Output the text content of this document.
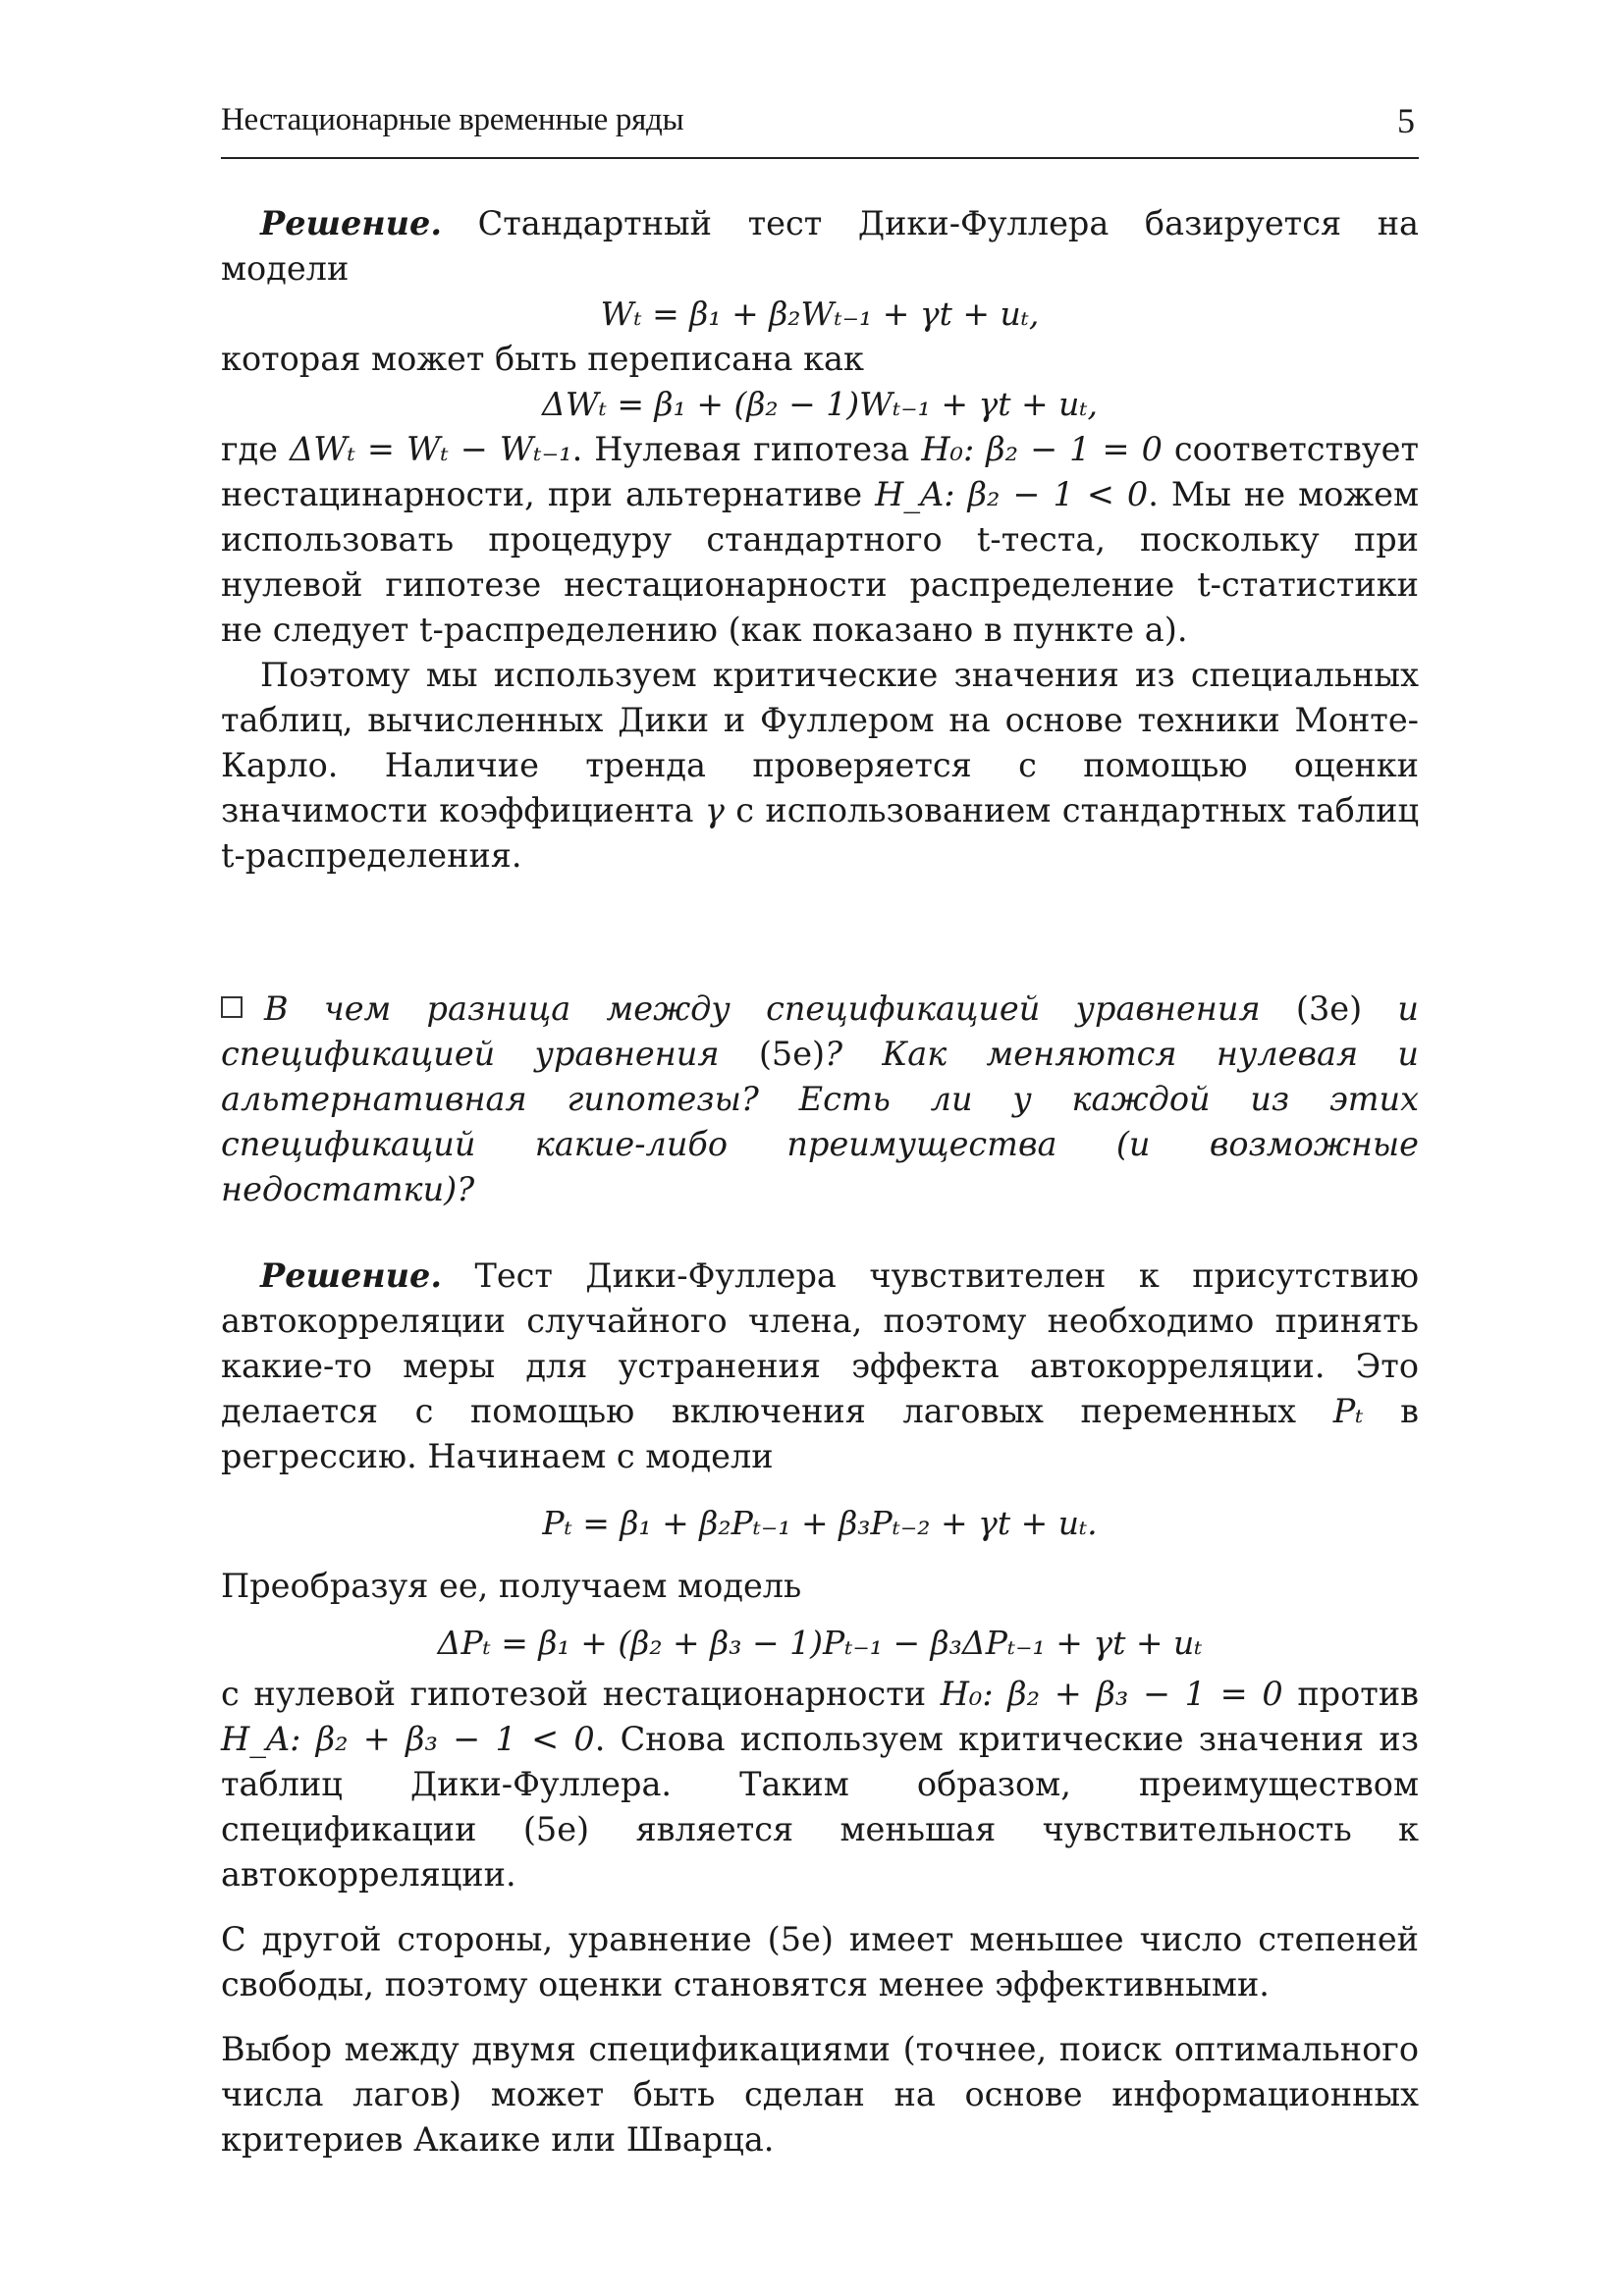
Нестационарные временные ряды	5

Решение. Стандартный тест Дики-Фуллера базируется на модели

Wₜ = β₁ + β₂Wₜ₋₁ + γt + uₜ,

которая может быть переписана как

ΔWₜ = β₁ + (β₂ − 1)Wₜ₋₁ + γt + uₜ,

где ΔWₜ = Wₜ − Wₜ₋₁. Нулевая гипотеза H₀: β₂ − 1 = 0 соответствует нестацинарности, при альтернативе H_A: β₂ − 1 < 0. Мы не можем использовать процедуру стандартного t-теста, поскольку при нулевой гипотезе нестационарности распределение t-статистики не следует t-распределению (как показано в пункте а).

Поэтому мы используем критические значения из специальных таблиц, вычисленных Дики и Фуллером на основе техники Монте-Карло. Наличие тренда проверяется с помощью оценки значимости коэффициента γ с использованием стандартных таблиц t-распределения.

В чем разница между спецификацией уравнения (3е) и спецификацией уравнения (5е)? Как меняются нулевая и альтернативная гипотезы? Есть ли у каждой из этих спецификаций какие-либо преимущества (и возможные недостатки)?

Решение. Тест Дики-Фуллера чувствителен к присутствию автокорреляции случайного члена, поэтому необходимо принять какие-то меры для устранения эффекта автокорреляции. Это делается с помощью включения лаговых переменных Pₜ в регрессию. Начинаем с модели

Pₜ = β₁ + β₂Pₜ₋₁ + β₃Pₜ₋₂ + γt + uₜ.

Преобразуя ее, получаем модель

ΔPₜ = β₁ + (β₂ + β₃ − 1)Pₜ₋₁ − β₃ΔPₜ₋₁ + γt + uₜ

с нулевой гипотезой нестационарности H₀: β₂ + β₃ − 1 = 0 против H_A: β₂ + β₃ − 1 < 0. Снова используем критические значения из таблиц Дики-Фуллера. Таким образом, преимуществом спецификации (5е) является меньшая чувствительность к автокорреляции.

С другой стороны, уравнение (5е) имеет меньшее число степеней свободы, поэтому оценки становятся менее эффективными.

Выбор между двумя спецификациями (точнее, поиск оптимального числа лагов) может быть сделан на основе информационных критериев Акаике или Шварца.
